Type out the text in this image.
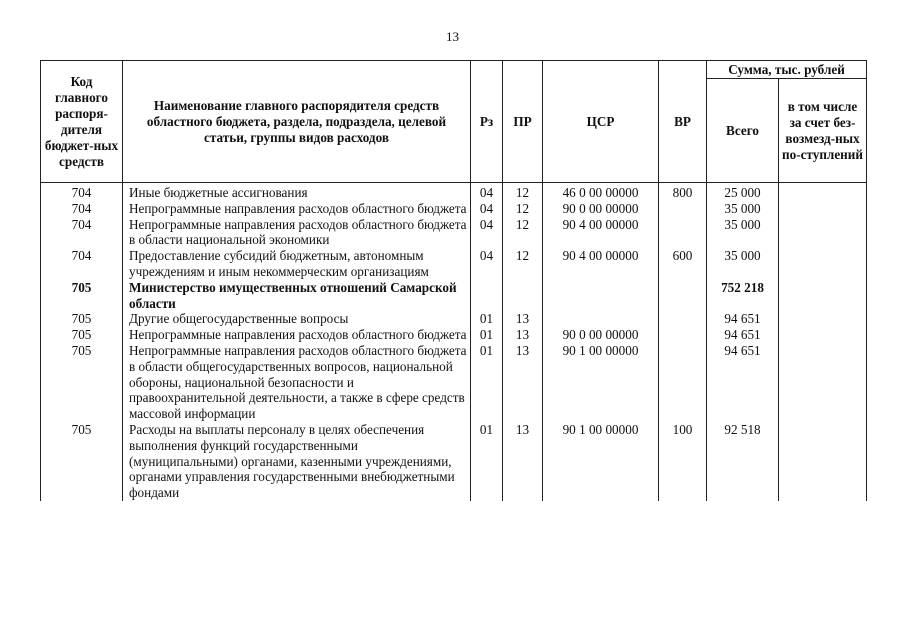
13
Код главного распоря-дителя бюджет-ных средств	Наименование главного распорядителя средств областного бюджета, раздела, подраздела, целевой статьи, группы видов расходов	Рз	ПР	ЦСР	ВР	Сумма, тыс. рублей	
						Всего	в том числе за счет без-возмезд-ных по-ступлений
704	Иные бюджетные ассигнования	04	12	46 0 00 00000	800	25 000	
704	Непрограммные направления расходов областного бюджета	04	12	90 0 00 00000		35 000	
704	Непрограммные направления расходов областного бюджета в области национальной экономики	04	12	90 4 00 00000		35 000	
704	Предоставление субсидий бюджетным, автономным учреждениям и иным некоммерческим организациям	04	12	90 4 00 00000	600	35 000	
705	Министерство имущественных отношений Самарской области					752 218	
705	Другие общегосударственные вопросы	01	13			94 651	
705	Непрограммные направления расходов областного бюджета	01	13	90 0 00 00000		94 651	
705	Непрограммные направления расходов областного бюджета в области общегосударственных вопросов, национальной обороны, национальной безопасности и правоохранительной деятельности, а также в сфере средств массовой информации	01	13	90 1 00 00000		94 651	
705	Расходы на выплаты персоналу в целях обеспечения выполнения функций государственными (муниципальными) органами, казенными учреждениями, органами управления государственными внебюджетными фондами	01	13	90 1 00 00000	100	92 518	
